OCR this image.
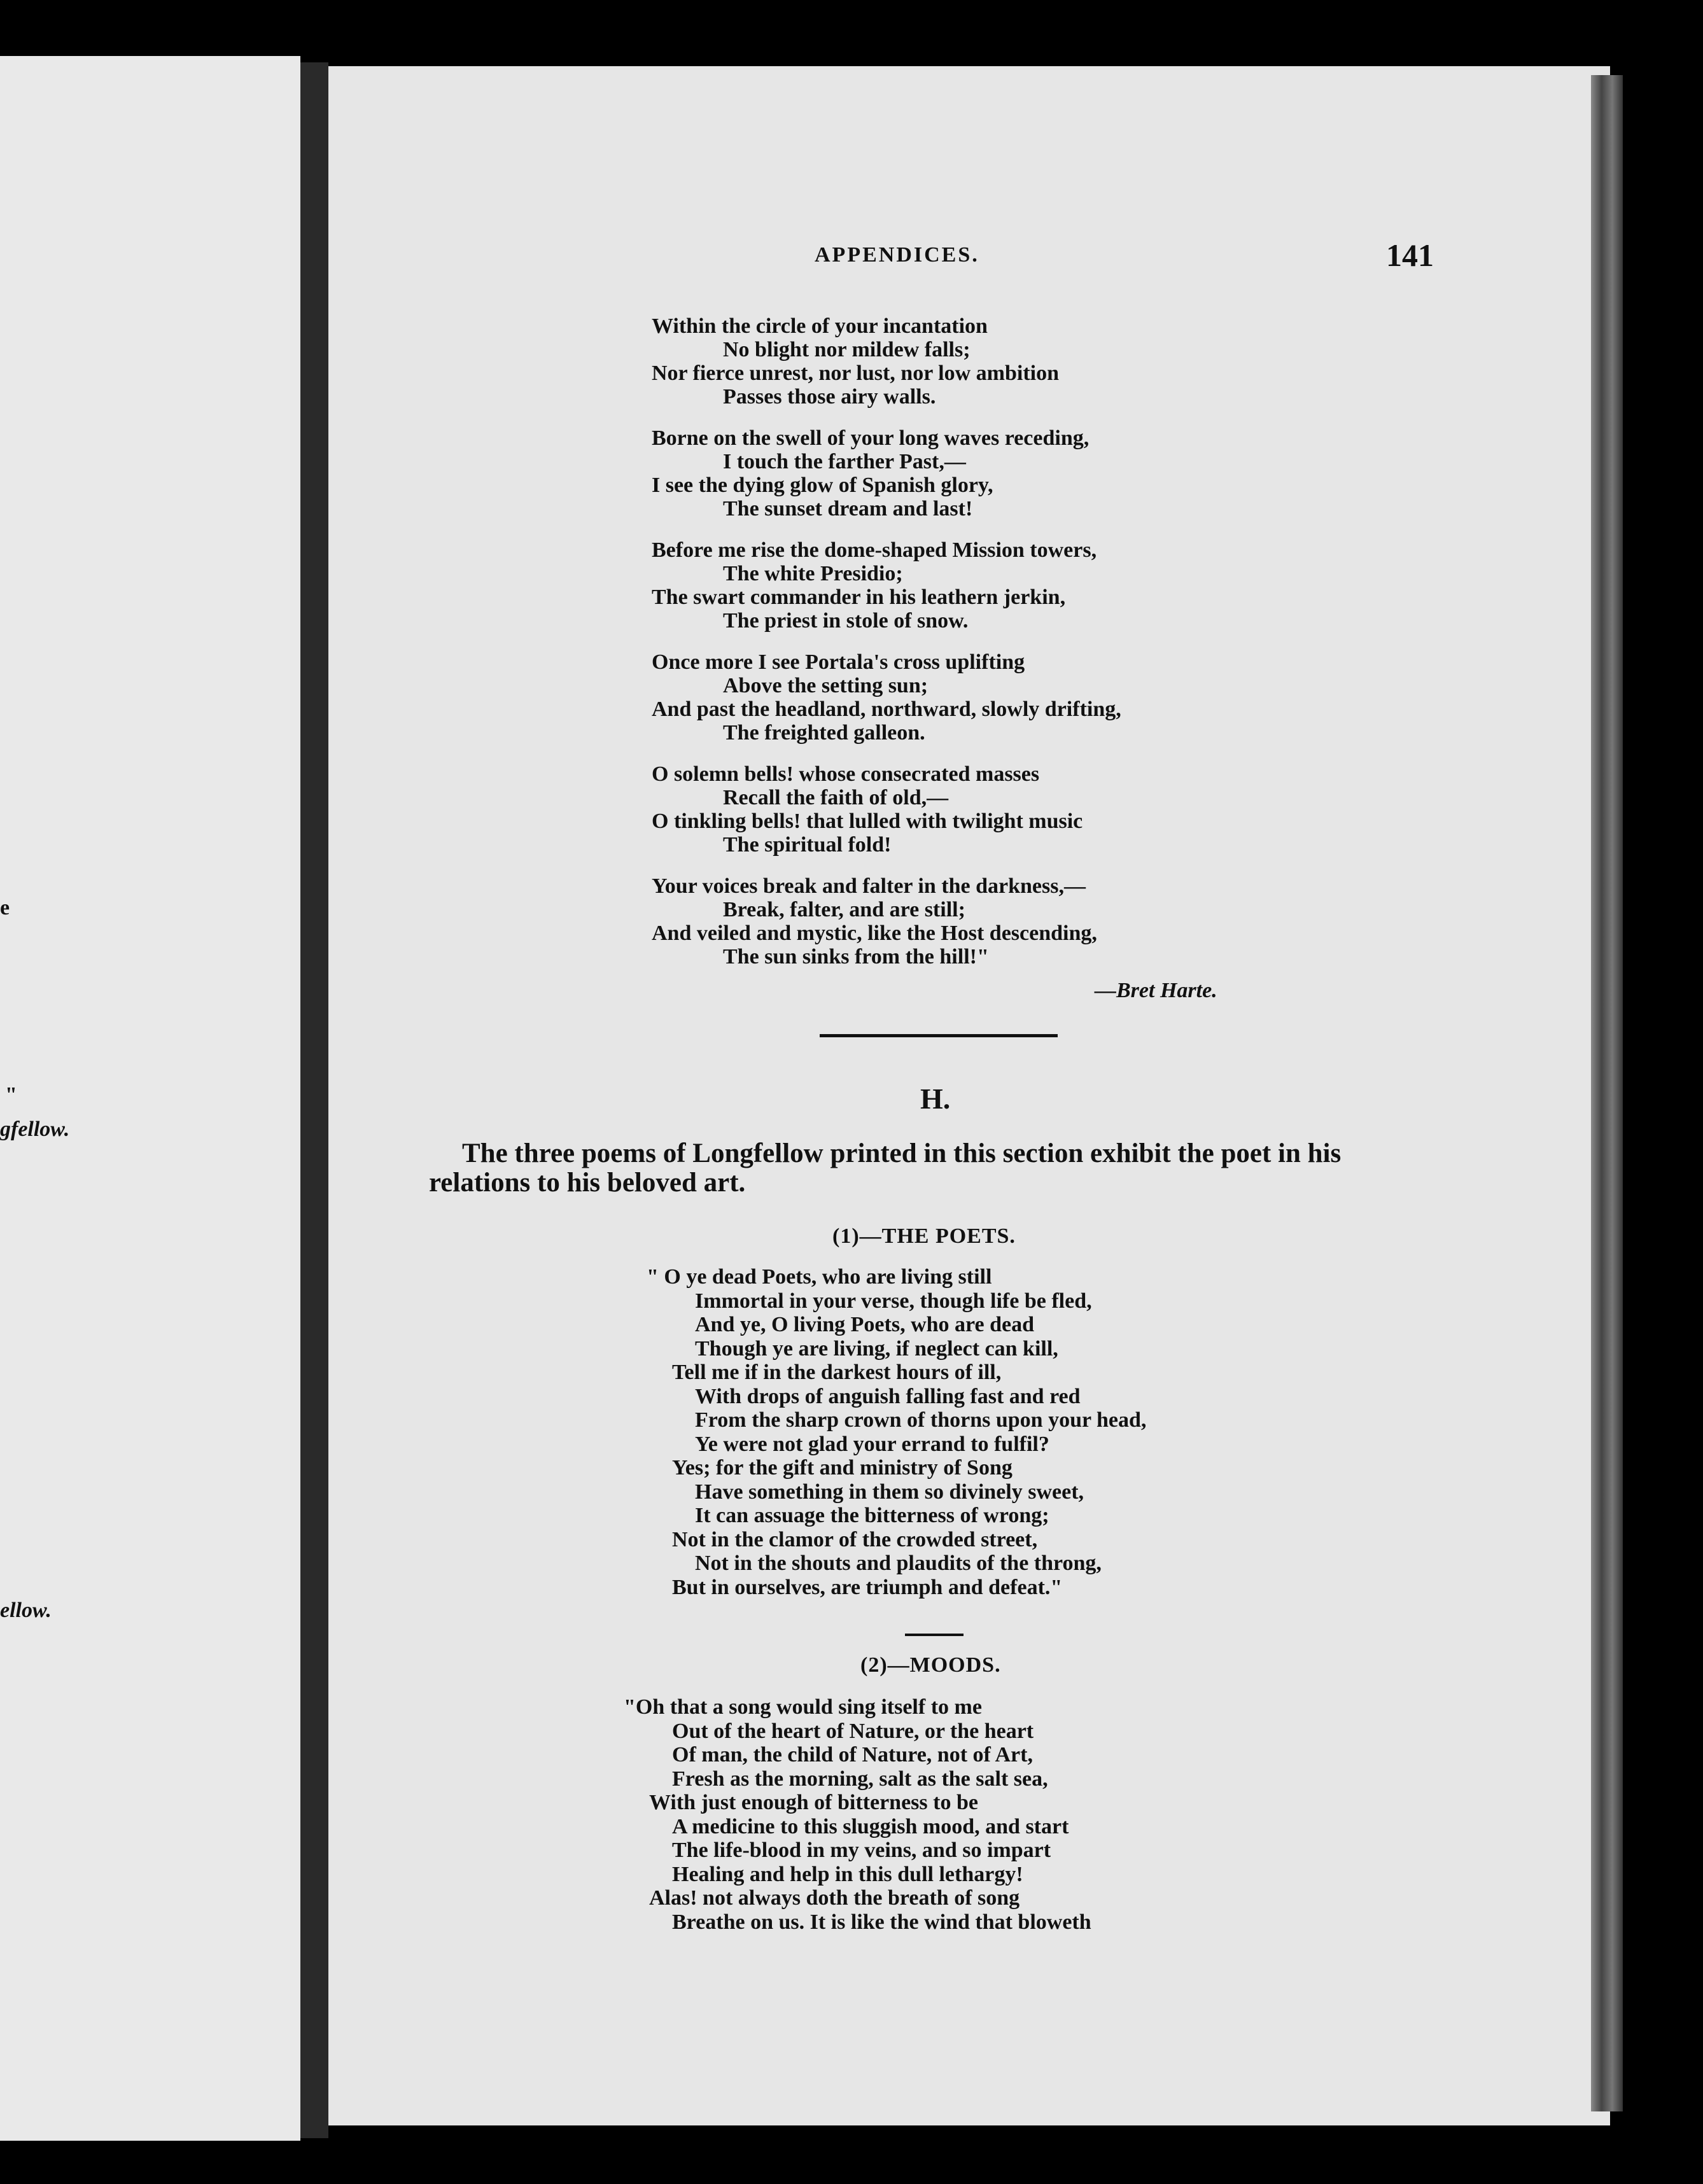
e
"
gfellow.
ellow.
APPENDICES.	141
Within the circle of your incantation
No blight nor mildew falls;
Nor fierce unrest, nor lust, nor low ambition
Passes those airy walls.
Borne on the swell of your long waves receding,
I touch the farther Past,—
I see the dying glow of Spanish glory,
The sunset dream and last!
Before me rise the dome-shaped Mission towers,
The white Presidio;
The swart commander in his leathern jerkin,
The priest in stole of snow.
Once more I see Portala's cross uplifting
Above the setting sun;
And past the headland, northward, slowly drifting,
The freighted galleon.
O solemn bells! whose consecrated masses
Recall the faith of old,—
O tinkling bells! that lulled with twilight music
The spiritual fold!
Your voices break and falter in the darkness,—
Break, falter, and are still;
And veiled and mystic, like the Host descending,
The sun sinks from the hill!"
—Bret Harte.
H.
The three poems of Longfellow printed in this section exhibit the poet in his relations to his beloved art.
(1)—THE POETS.
" O ye dead Poets, who are living still
Immortal in your verse, though life be fled,
And ye, O living Poets, who are dead
Though ye are living, if neglect can kill,
Tell me if in the darkest hours of ill,
With drops of anguish falling fast and red
From the sharp crown of thorns upon your head,
Ye were not glad your errand to fulfil?
Yes; for the gift and ministry of Song
Have something in them so divinely sweet,
It can assuage the bitterness of wrong;
Not in the clamor of the crowded street,
Not in the shouts and plaudits of the throng,
But in ourselves, are triumph and defeat."
(2)—MOODS.
"Oh that a song would sing itself to me
Out of the heart of Nature, or the heart
Of man, the child of Nature, not of Art,
Fresh as the morning, salt as the salt sea,
With just enough of bitterness to be
A medicine to this sluggish mood, and start
The life-blood in my veins, and so impart
Healing and help in this dull lethargy!
Alas! not always doth the breath of song
Breathe on us. It is like the wind that bloweth
